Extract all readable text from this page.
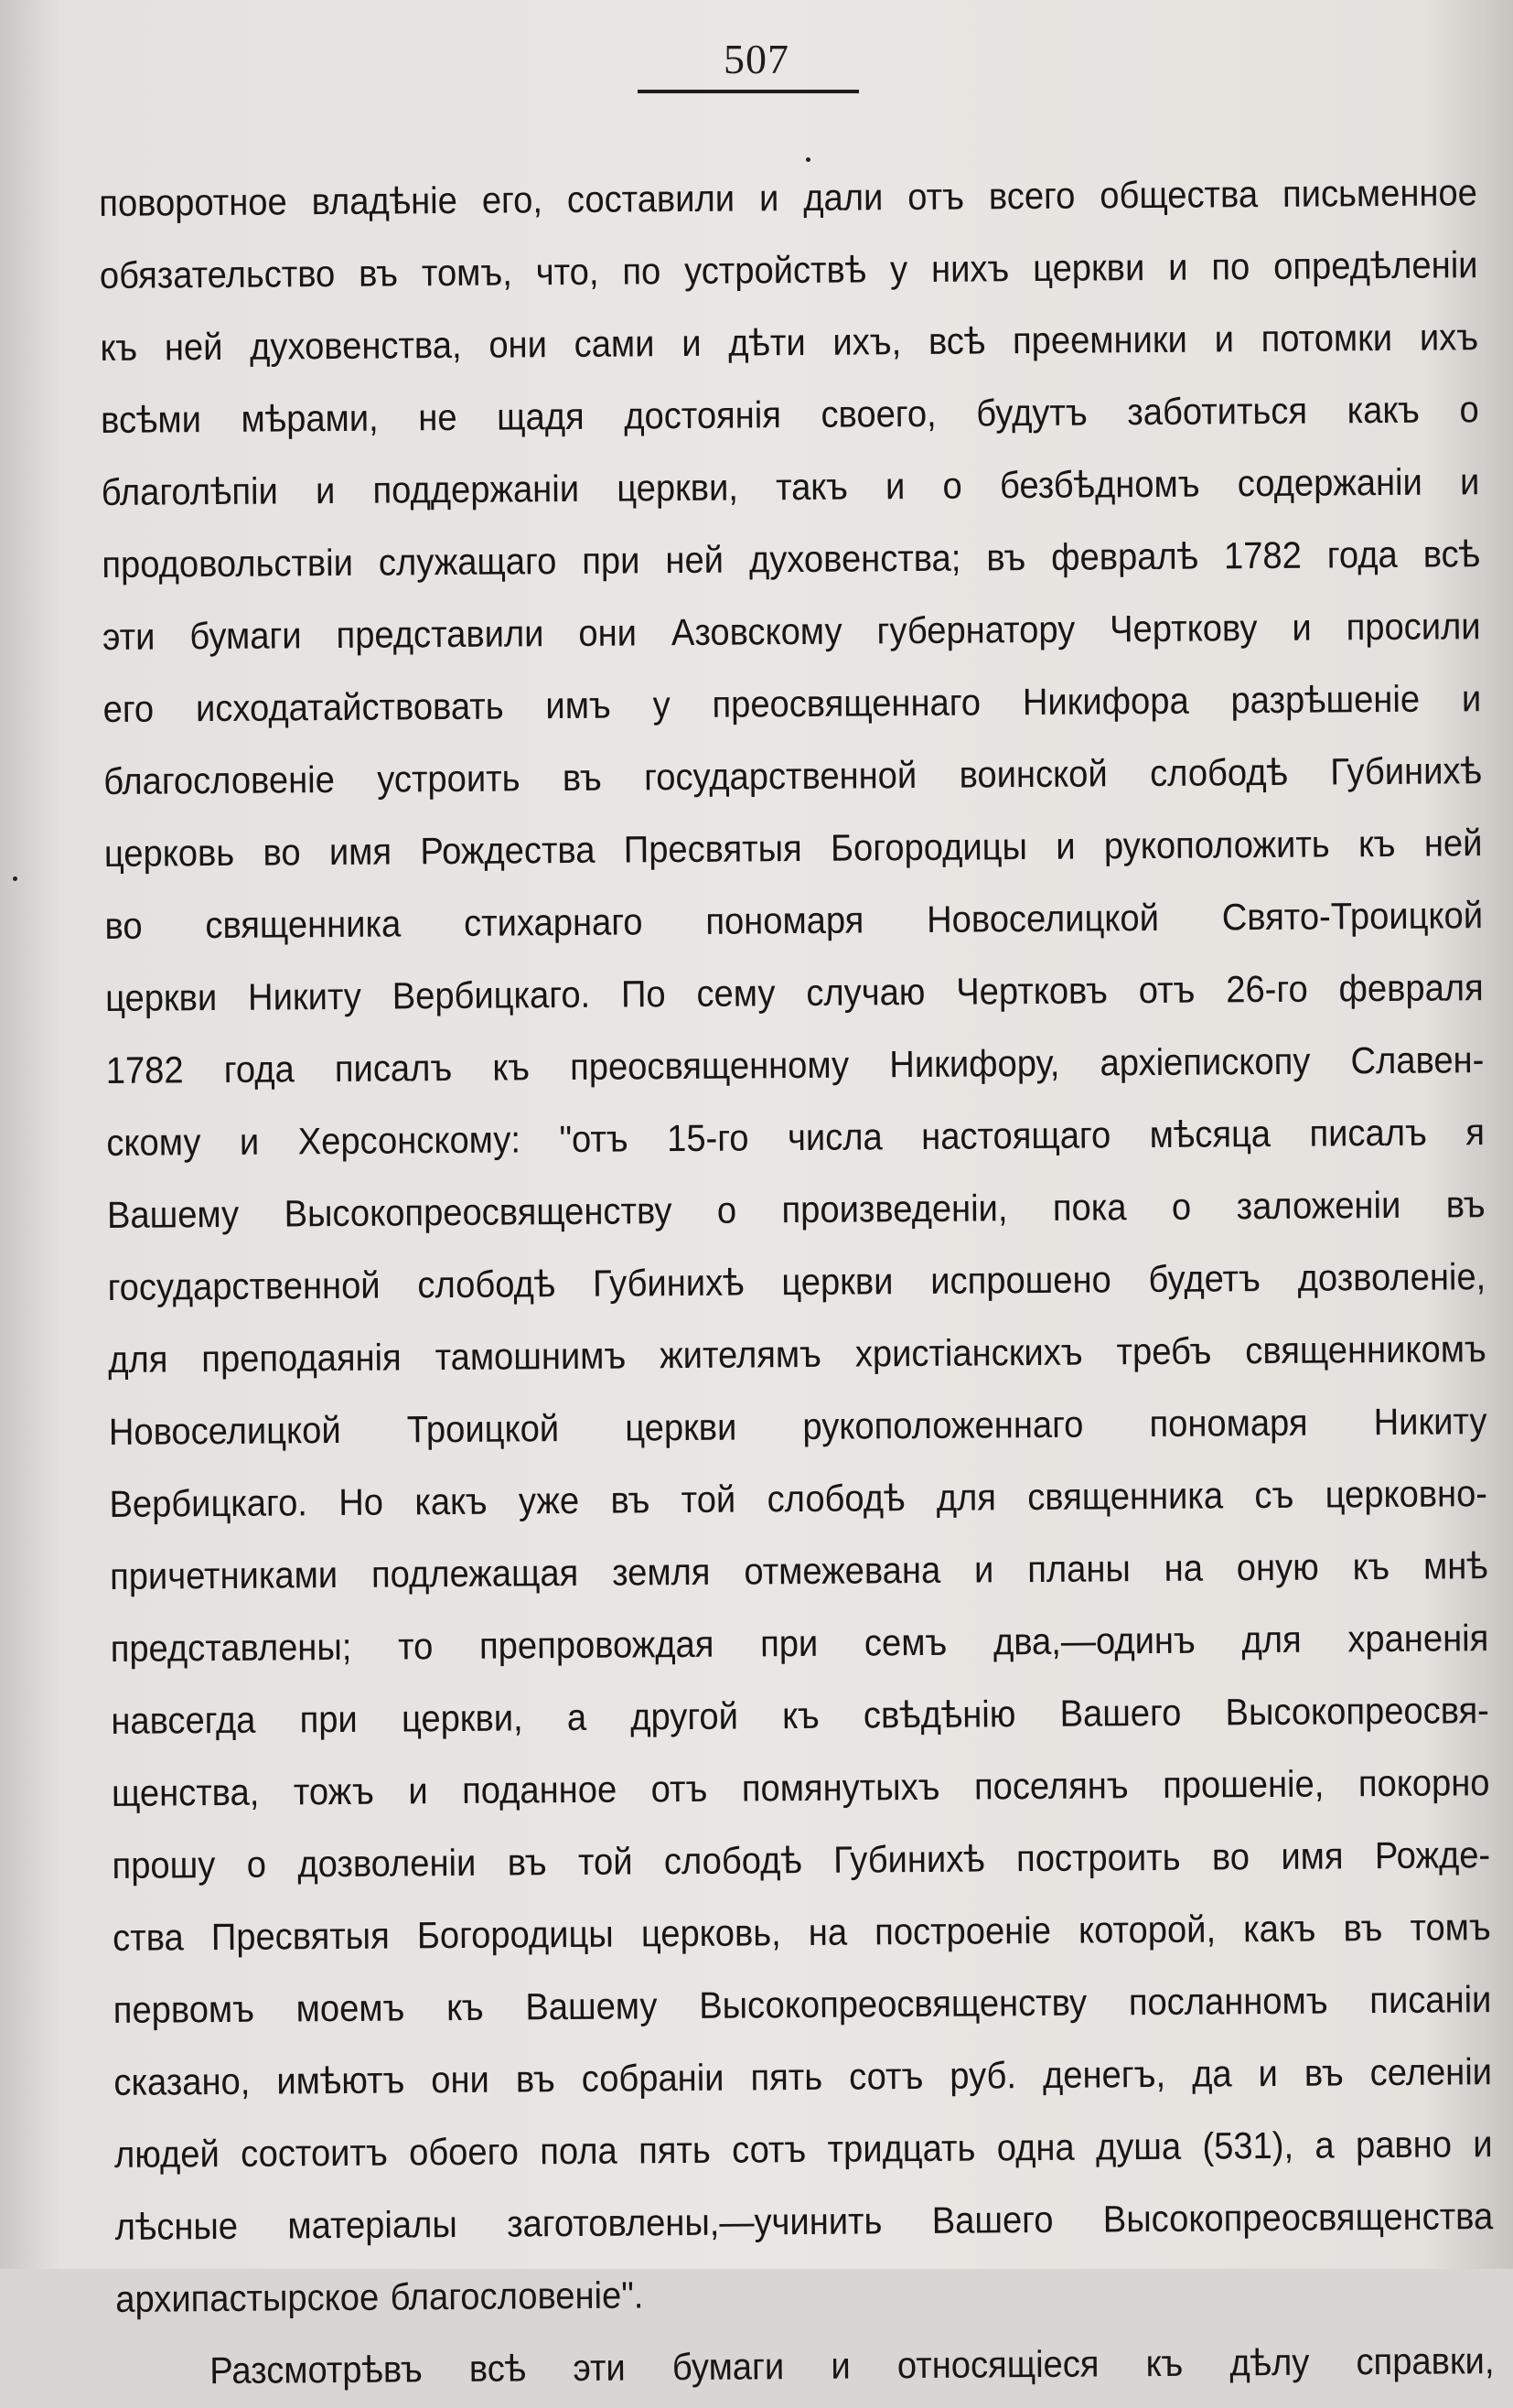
507
поворотное владѣніе его, составили и дали отъ всего общества письменное
обязательство въ томъ, что, по устройствѣ у нихъ церкви и по опредѣленіи
къ ней духовенства, они сами и дѣти ихъ, всѣ преемники и потомки ихъ
всѣми мѣрами, не щадя достоянія своего, будутъ заботиться какъ о
благолѣпіи и поддержаніи церкви, такъ и о безбѣдномъ содержаніи и
продовольствіи служащаго при ней духовенства; въ февралѣ 1782 года всѣ
эти бумаги представили они Азовскому губернатору Черткову и просили
его исходатайствовать имъ у преосвященнаго Никифора разрѣшеніе и
благословеніе устроить въ государственной воинской слободѣ Губинихѣ
церковь во имя Рождества Пресвятыя Богородицы и рукоположить къ ней
во священника стихарнаго пономаря Новоселицкой Свято-Троицкой
церкви Никиту Вербицкаго. По сему случаю Чертковъ отъ 26-го февраля
1782 года писалъ къ преосвященному Никифору, архіепископу Славен-
скому и Херсонскому: "отъ 15-го числа настоящаго мѣсяца писалъ я
Вашему Высокопреосвященству о произведеніи, пока о заложеніи въ
государственной слободѣ Губинихѣ церкви испрошено будетъ дозволеніе,
для преподаянія тамошнимъ жителямъ христіанскихъ требъ священникомъ
Новоселицкой Троицкой церкви рукоположеннаго пономаря Никиту
Вербицкаго. Но какъ уже въ той слободѣ для священника съ церковно-
причетниками подлежащая земля отмежевана и планы на оную къ мнѣ
представлены; то препровождая при семъ два,—одинъ для храненія
навсегда при церкви, а другой къ свѣдѣнію Вашего Высокопреосвя-
щенства, тожъ и поданное отъ помянутыхъ поселянъ прошеніе, покорно
прошу о дозволеніи въ той слободѣ Губинихѣ построить во имя Рожде-
ства Пресвятыя Богородицы церковь, на построеніе которой, какъ въ томъ
первомъ моемъ къ Вашему Высокопреосвященству посланномъ писаніи
сказано, имѣютъ они въ собраніи пять сотъ руб. денегъ, да и въ селеніи
людей состоитъ обоего пола пять сотъ тридцать одна душа (531), а равно и
лѣсные матеріалы заготовлены,—учинить Вашего Высокопреосвященства
архипастырское благословеніе".
Разсмотрѣвъ всѣ эти бумаги и относящіеся къ дѣлу справки,
